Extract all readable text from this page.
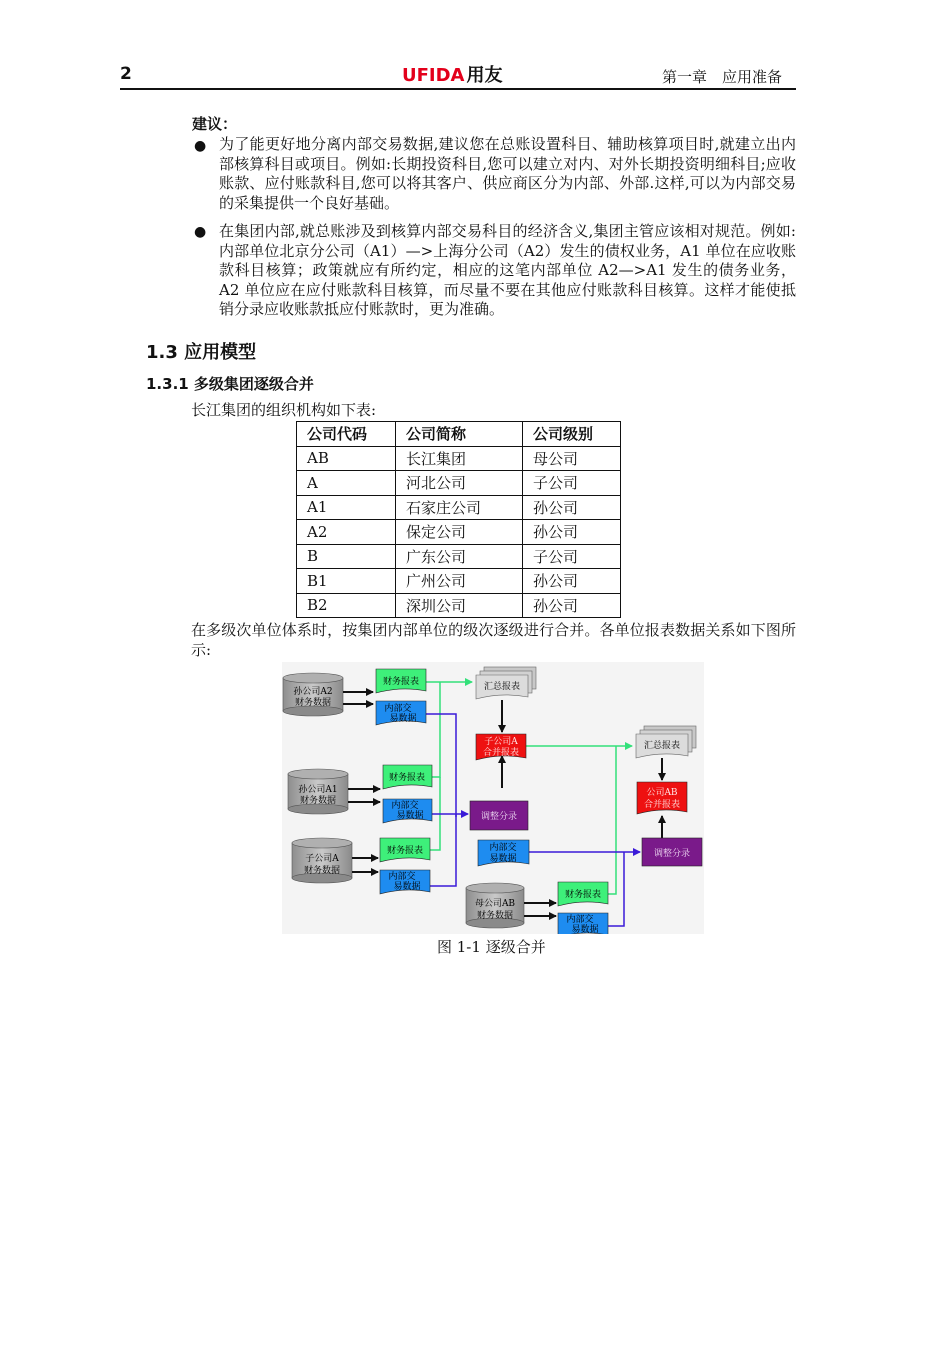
2	UFIDA 用友	第一章　应用准备
建议：
● 为了能更好地分离内部交易数据,建议您在总账设置科目、辅助核算项目时,就建立出内部核算科目或项目。例如:长期投资科目,您可以建立对内、对外长期投资明细科目;应收账款、应付账款科目,您可以将其客户、供应商区分为内部、外部.这样,可以为内部交易的采集提供一个良好基础。
● 在集团内部,就总账涉及到核算内部交易科目的经济含义,集团主管应该相对规范。例如:内部单位北京分公司（A1）—>上海分公司（A2）发生的债权业务，A1 单位在应收账款科目核算；政策就应有所约定，相应的这笔内部单位 A2—>A1 发生的债务业务，A2 单位应在应付账款科目核算，而尽量不要在其他应付账款科目核算。这样才能使抵销分录应收账款抵应付账款时，更为准确。
1.3 应用模型
1.3.1 多级集团逐级合并
长江集团的组织机构如下表:
公司代码	公司简称	公司级别
AB	长江集团	母公司
A	河北公司	子公司
A1	石家庄公司	孙公司
A2	保定公司	孙公司
B	广东公司	子公司
B1	广州公司	孙公司
B2	深圳公司	孙公司
在多级次单位体系时，按集团内部单位的级次逐级进行合并。各单位报表数据关系如下图所示:
孙公司A2
财务数据
孙公司A1
财务数据
子公司A
财务数据
母公司AB
财务数据
财务报表
财务报表
财务报表
财务报表
内部交
易数据
内部交
易数据
内部交
易数据
内部交
易数据
内部交
易数据
汇总报表
汇总报表
子公司A
合并报表
公司AB
合并报表
调整分录
调整分录
图 1-1 逐级合并
